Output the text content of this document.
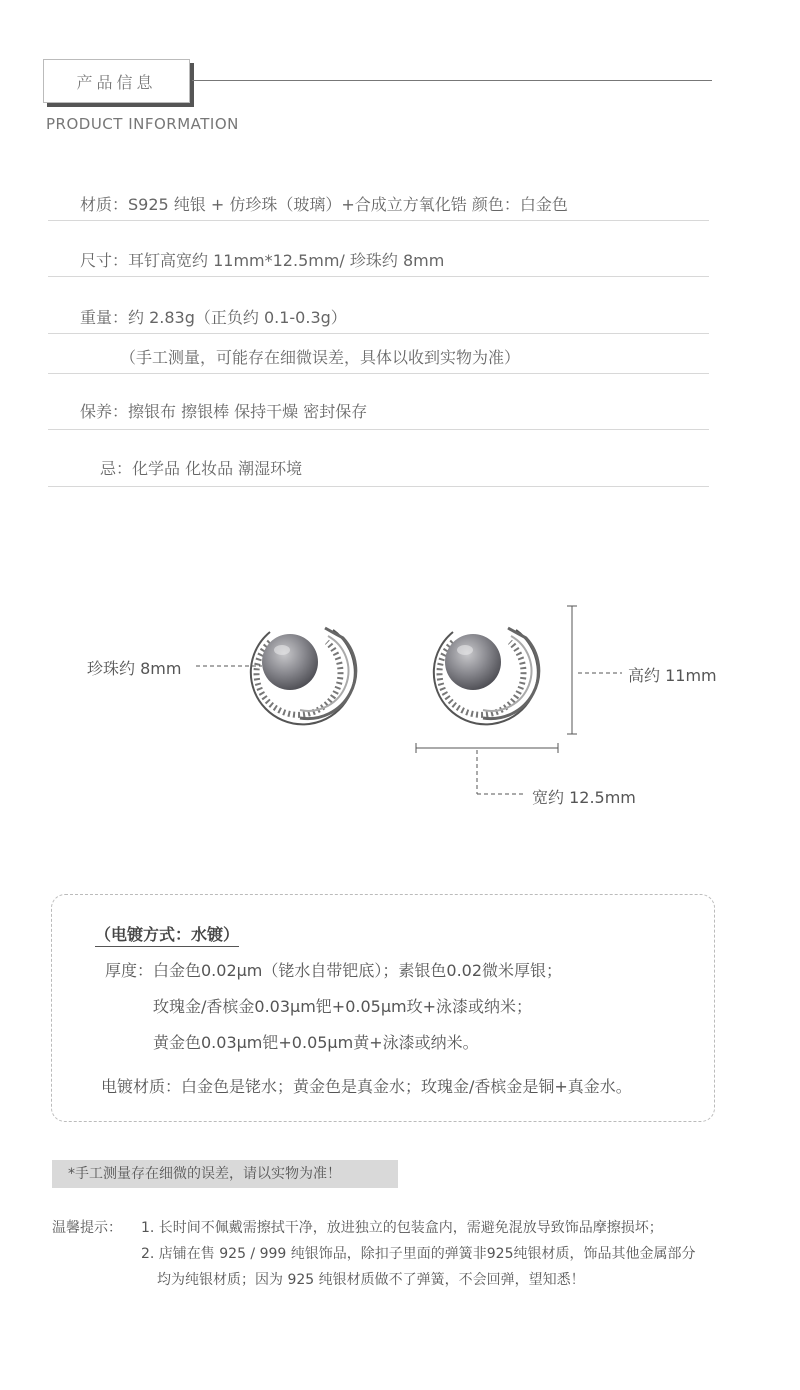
产品信息
PRODUCT INFORMATION
材质：S925 纯银 + 仿珍珠（玻璃）+合成立方氧化锆 颜色：白金色
尺寸：耳钉高宽约 11mm*12.5mm/ 珍珠约 8mm
重量：约 2.83g（正负约 0.1-0.3g）
（手工测量，可能存在细微误差，具体以收到实物为准）
保养：擦银布 擦银棒 保持干燥 密封保存
忌：化学品 化妆品 潮湿环境
珍珠约 8mm	高约 11mm
宽约 12.5mm
（电镀方式：水镀）
厚度：白金色0.02μm（铑水自带钯底）；素银色0.02微米厚银；
玫瑰金/香槟金0.03μm钯+0.05μm玫+泳漆或纳米；
黄金色0.03μm钯+0.05μm黄+泳漆或纳米。
电镀材质：白金色是铑水；黄金色是真金水；玫瑰金/香槟金是铜+真金水。
*手工测量存在细微的误差，请以实物为准！
温馨提示： 1. 长时间不佩戴需擦拭干净，放进独立的包装盒内，需避免混放导致饰品摩擦损坏；
2. 店铺在售 925 / 999 纯银饰品，除扣子里面的弹簧非925纯银材质，饰品其他金属部分
均为纯银材质；因为 925 纯银材质做不了弹簧，不会回弹，望知悉！
